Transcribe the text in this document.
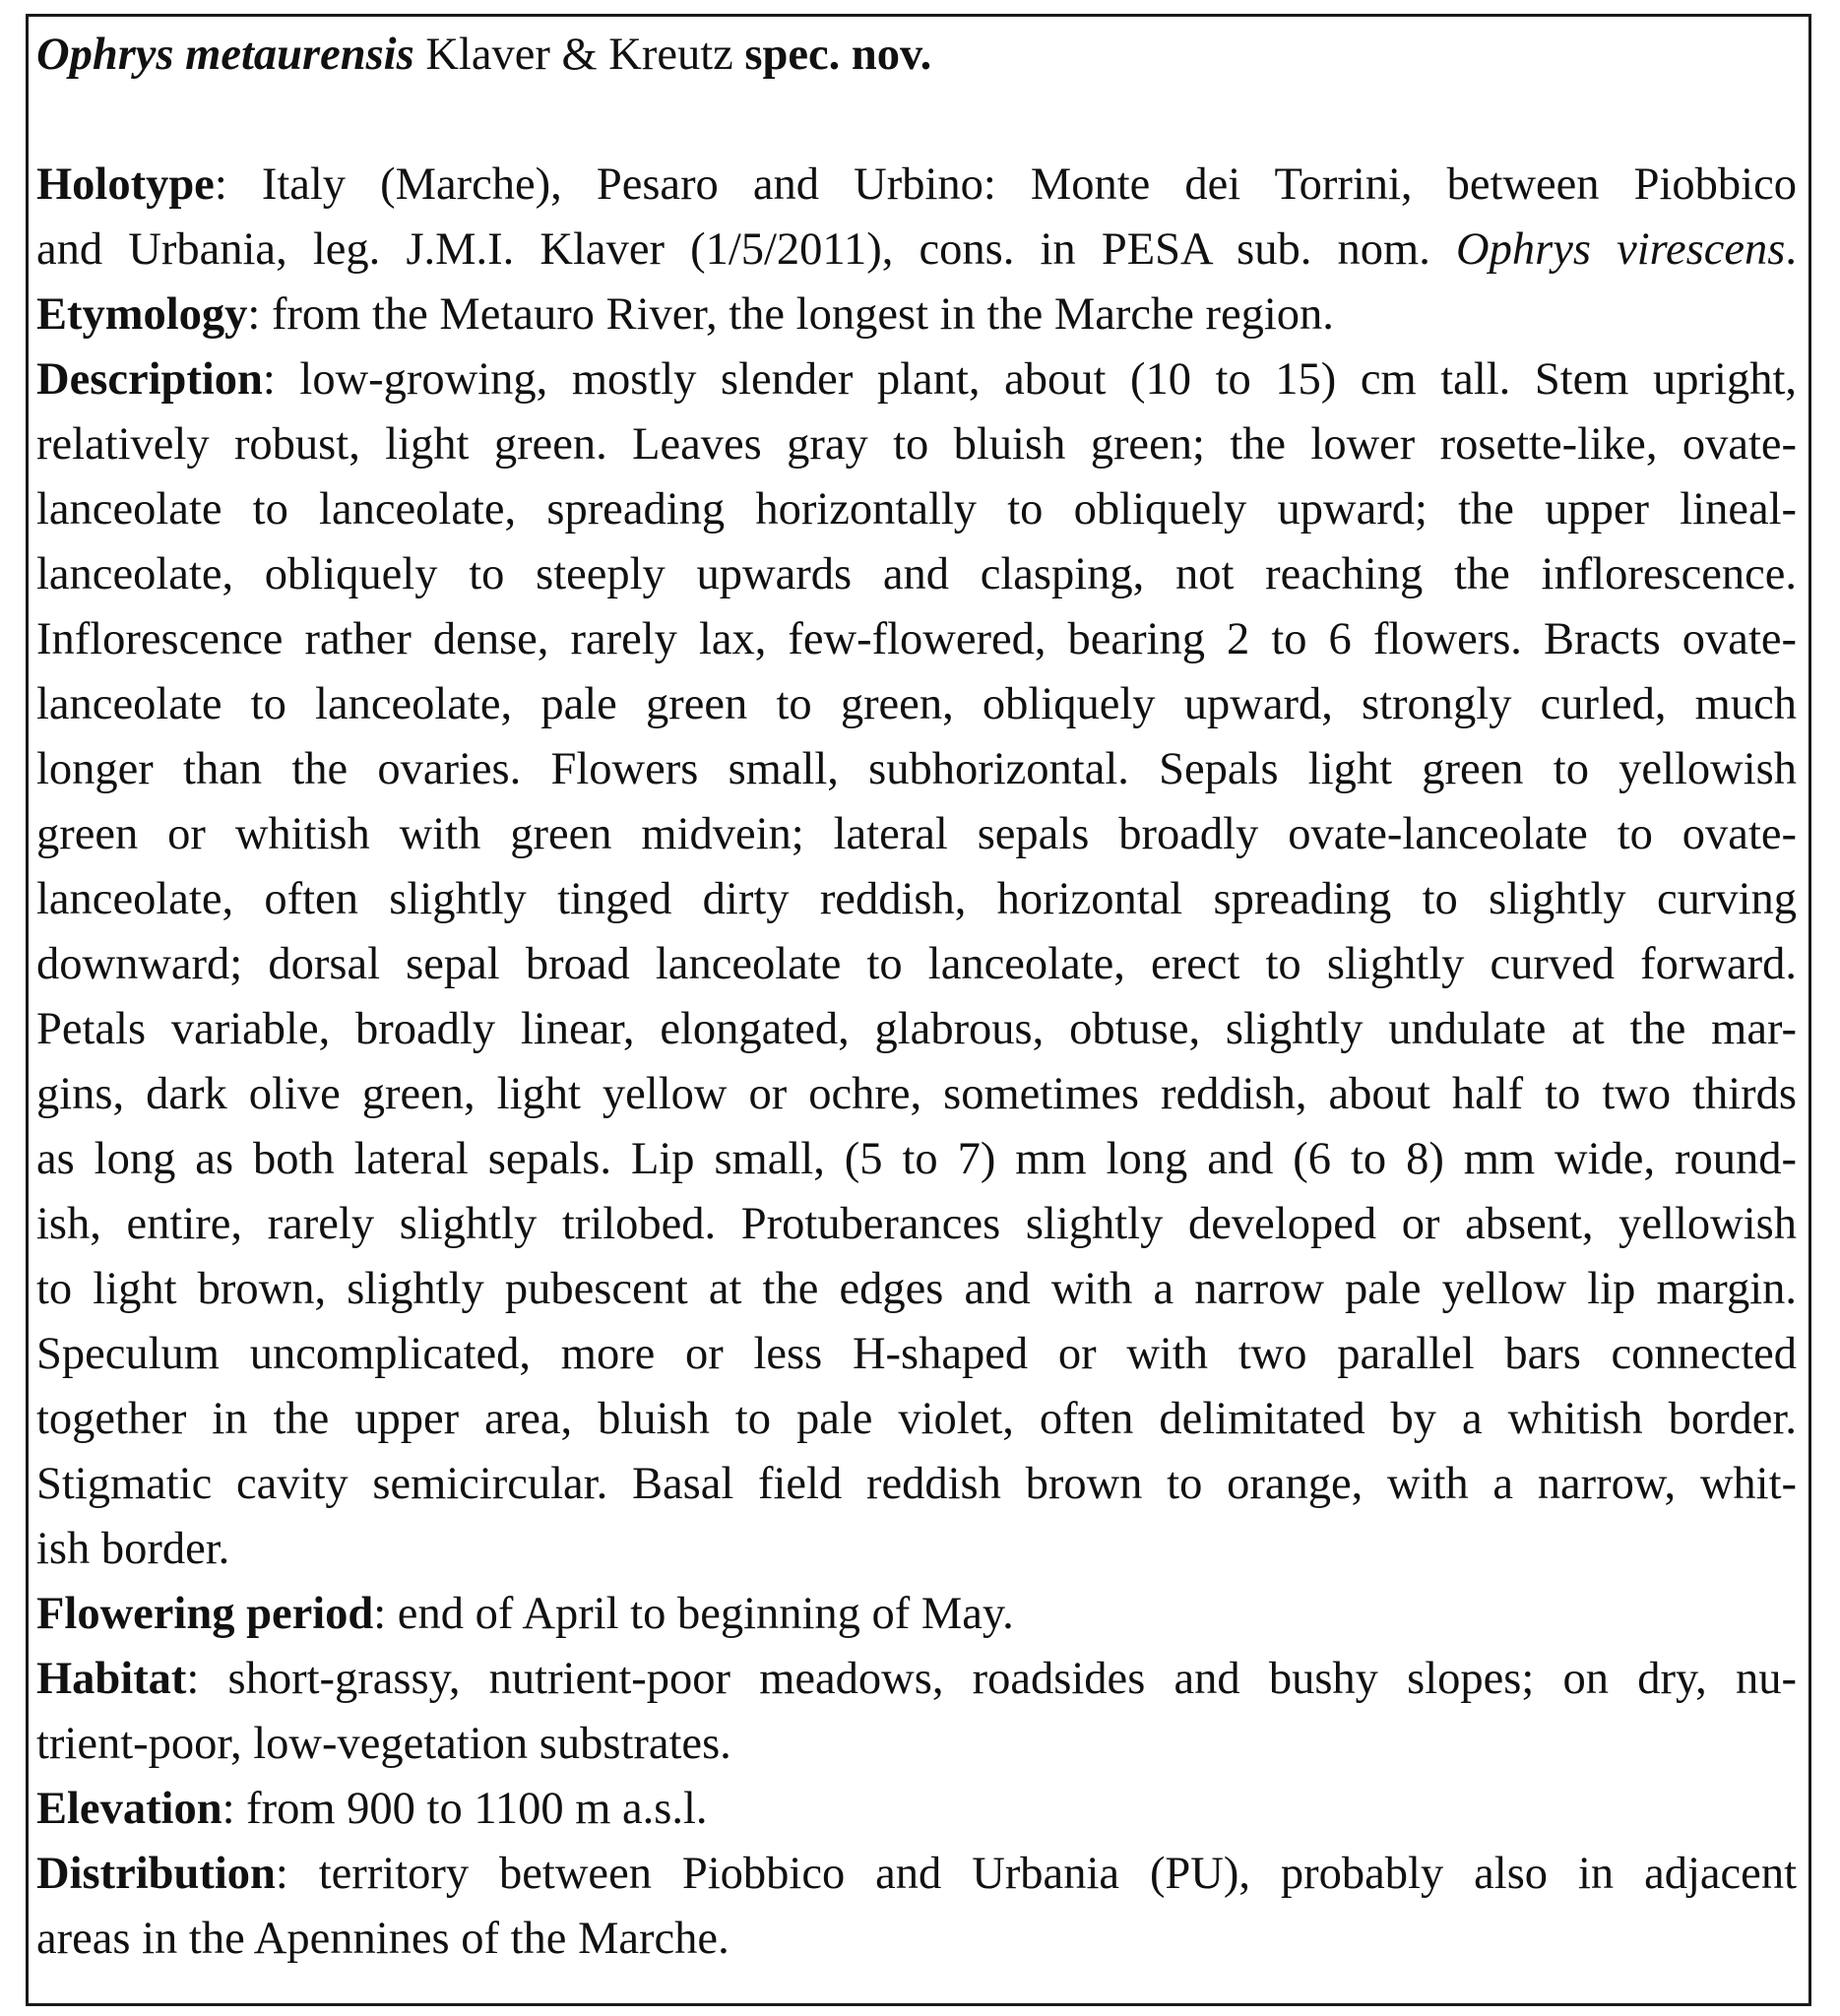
Ophrys metaurensis Klaver & Kreutz spec. nov.
Holotype: Italy (Marche), Pesaro and Urbino: Monte dei Torrini, between Piobbico
and Urbania, leg. J.M.I. Klaver (1/5/2011), cons. in PESA sub. nom. Ophrys virescens.
Etymology: from the Metauro River, the longest in the Marche region.
Description: low-growing, mostly slender plant, about (10 to 15) cm tall. Stem upright,
relatively robust, light green. Leaves gray to bluish green; the lower rosette-like, ovate-
lanceolate to lanceolate, spreading horizontally to obliquely upward; the upper lineal-
lanceolate, obliquely to steeply upwards and clasping, not reaching the inflorescence.
Inflorescence rather dense, rarely lax, few-flowered, bearing 2 to 6 flowers. Bracts ovate-
lanceolate to lanceolate, pale green to green, obliquely upward, strongly curled, much
longer than the ovaries. Flowers small, subhorizontal. Sepals light green to yellowish
green or whitish with green midvein; lateral sepals broadly ovate-lanceolate to ovate-
lanceolate, often slightly tinged dirty reddish, horizontal spreading to slightly curving
downward; dorsal sepal broad lanceolate to lanceolate, erect to slightly curved forward.
Petals variable, broadly linear, elongated, glabrous, obtuse, slightly undulate at the mar-
gins, dark olive green, light yellow or ochre, sometimes reddish, about half to two thirds
as long as both lateral sepals. Lip small, (5 to 7) mm long and (6 to 8) mm wide, round-
ish, entire, rarely slightly trilobed. Protuberances slightly developed or absent, yellowish
to light brown, slightly pubescent at the edges and with a narrow pale yellow lip margin.
Speculum uncomplicated, more or less H-shaped or with two parallel bars connected
together in the upper area, bluish to pale violet, often delimitated by a whitish border.
Stigmatic cavity semicircular. Basal field reddish brown to orange, with a narrow, whit-
ish border.
Flowering period: end of April to beginning of May.
Habitat: short-grassy, nutrient-poor meadows, roadsides and bushy slopes; on dry, nu-
trient-poor, low-vegetation substrates.
Elevation: from 900 to 1100 m a.s.l.
Distribution: territory between Piobbico and Urbania (PU), probably also in adjacent
areas in the Apennines of the Marche.
